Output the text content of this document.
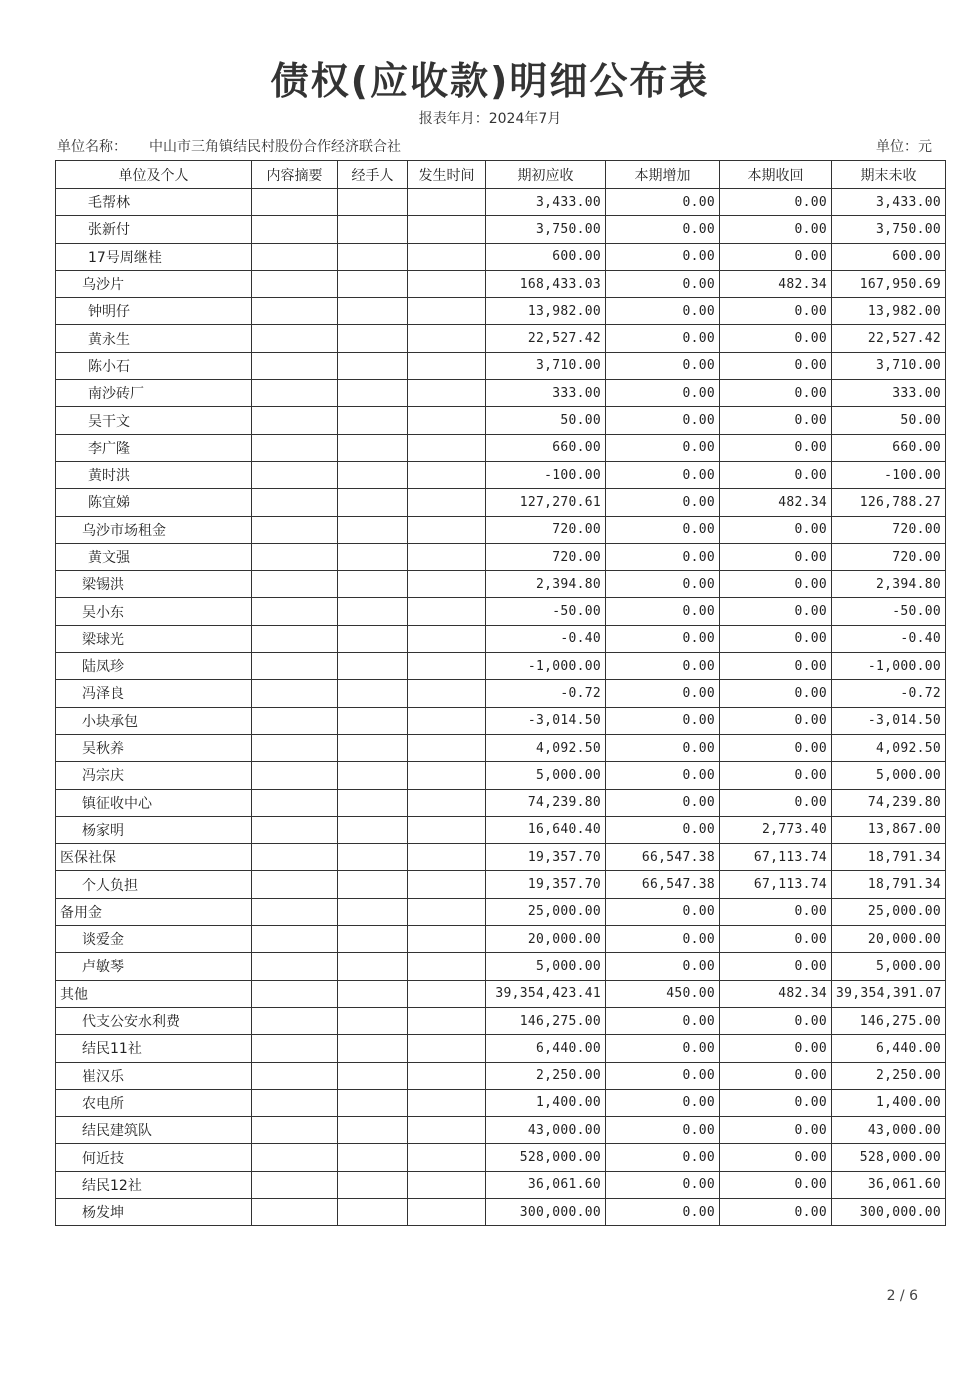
债权(应收款)明细公布表
报表年月：2024年7月
单位名称： 中山市三角镇结民村股份合作经济联合社	单位：元
单位及个人	内容摘要	经手人	发生时间	期初应收	本期增加	本期收回	期末未收
毛帮林				3,433.00	0.00	0.00	3,433.00
张新付				3,750.00	0.00	0.00	3,750.00
17号周继桂				600.00	0.00	0.00	600.00
乌沙片				168,433.03	0.00	482.34	167,950.69
钟明仔				13,982.00	0.00	0.00	13,982.00
黄永生				22,527.42	0.00	0.00	22,527.42
陈小石				3,710.00	0.00	0.00	3,710.00
南沙砖厂				333.00	0.00	0.00	333.00
吴干文				50.00	0.00	0.00	50.00
李广隆				660.00	0.00	0.00	660.00
黄时洪				-100.00	0.00	0.00	-100.00
陈宜娣				127,270.61	0.00	482.34	126,788.27
乌沙市场租金				720.00	0.00	0.00	720.00
黄文强				720.00	0.00	0.00	720.00
梁锡洪				2,394.80	0.00	0.00	2,394.80
吴小东				-50.00	0.00	0.00	-50.00
梁球光				-0.40	0.00	0.00	-0.40
陆凤珍				-1,000.00	0.00	0.00	-1,000.00
冯泽良				-0.72	0.00	0.00	-0.72
小块承包				-3,014.50	0.00	0.00	-3,014.50
吴秋养				4,092.50	0.00	0.00	4,092.50
冯宗庆				5,000.00	0.00	0.00	5,000.00
镇征收中心				74,239.80	0.00	0.00	74,239.80
杨家明				16,640.40	0.00	2,773.40	13,867.00
医保社保				19,357.70	66,547.38	67,113.74	18,791.34
个人负担				19,357.70	66,547.38	67,113.74	18,791.34
备用金				25,000.00	0.00	0.00	25,000.00
谈爱金				20,000.00	0.00	0.00	20,000.00
卢敏琴				5,000.00	0.00	0.00	5,000.00
其他				39,354,423.41	450.00	482.34	39,354,391.07
代支公安水利费				146,275.00	0.00	0.00	146,275.00
结民11社				6,440.00	0.00	0.00	6,440.00
崔汉乐				2,250.00	0.00	0.00	2,250.00
农电所				1,400.00	0.00	0.00	1,400.00
结民建筑队				43,000.00	0.00	0.00	43,000.00
何近技				528,000.00	0.00	0.00	528,000.00
结民12社				36,061.60	0.00	0.00	36,061.60
杨发坤				300,000.00	0.00	0.00	300,000.00
2 / 6
